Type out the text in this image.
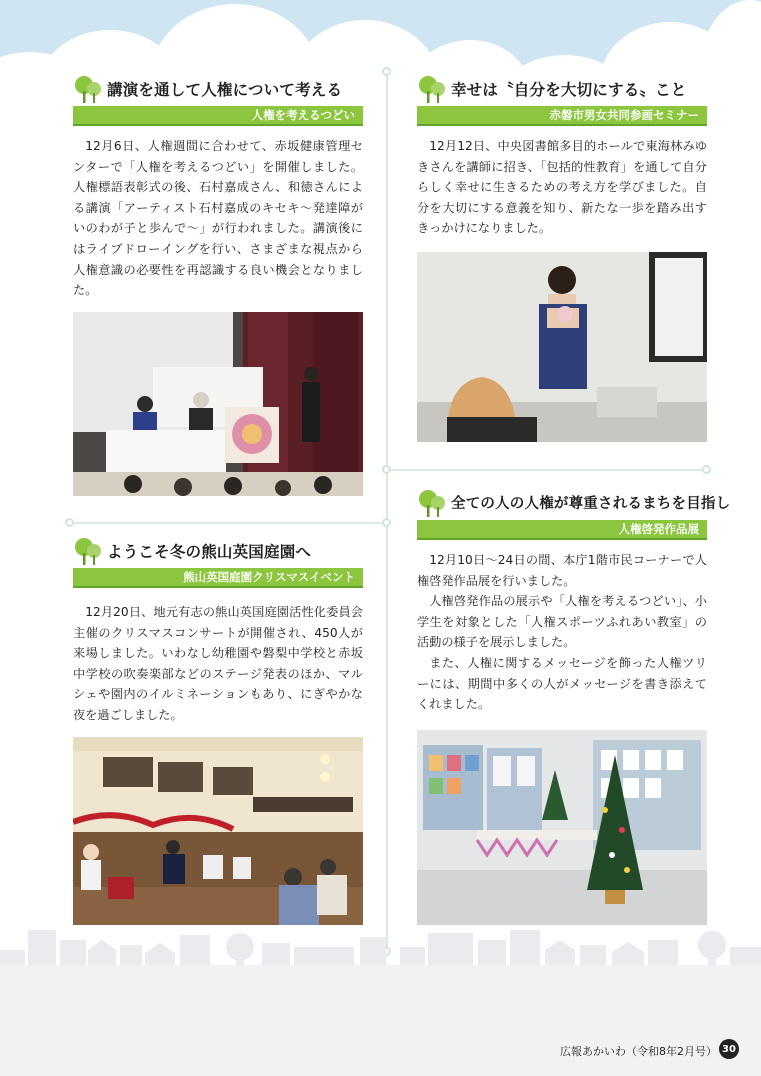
講演を通して人権について考える
人権を考えるつどい

12月6日、人権週間に合わせて、赤坂健康管理センターで「人権を考えるつどい」を開催しました。人権標語表彰式の後、石村嘉成さん、和徳さんによる講演「アーティスト石村嘉成のキセキ～発達障がいのわが子と歩んで～」が行われました。講演後にはライブドローイングを行い、さまざまな視点から人権意識の必要性を再認識する良い機会となりました。

幸せは〝自分を大切にする〟こと
赤磐市男女共同参画セミナー

12月12日、中央図書館多目的ホールで東海林みゆきさんを講師に招き、「包括的性教育」を通して自分らしく幸せに生きるための考え方を学びました。自分を大切にする意義を知り、新たな一歩を踏み出すきっかけになりました。

ようこそ冬の熊山英国庭園へ
熊山英国庭園クリスマスイベント

12月20日、地元有志の熊山英国庭園活性化委員会主催のクリスマスコンサートが開催され、450人が来場しました。いわなし幼稚園や磐梨中学校と赤坂中学校の吹奏楽部などのステージ発表のほか、マルシェや園内のイルミネーションもあり、にぎやかな夜を過ごしました。

全ての人の人権が尊重されるまちを目指し
人権啓発作品展

12月10日～24日の間、本庁1階市民コーナーで人権啓発作品展を行いました。

人権啓発作品の展示や「人権を考えるつどい」、小学生を対象とした「人権スポーツふれあい教室」の活動の様子を展示しました。

また、人権に関するメッセージを飾った人権ツリーには、期間中多くの人がメッセージを書き添えてくれました。

広報あかいわ（令和8年2月号） 30
